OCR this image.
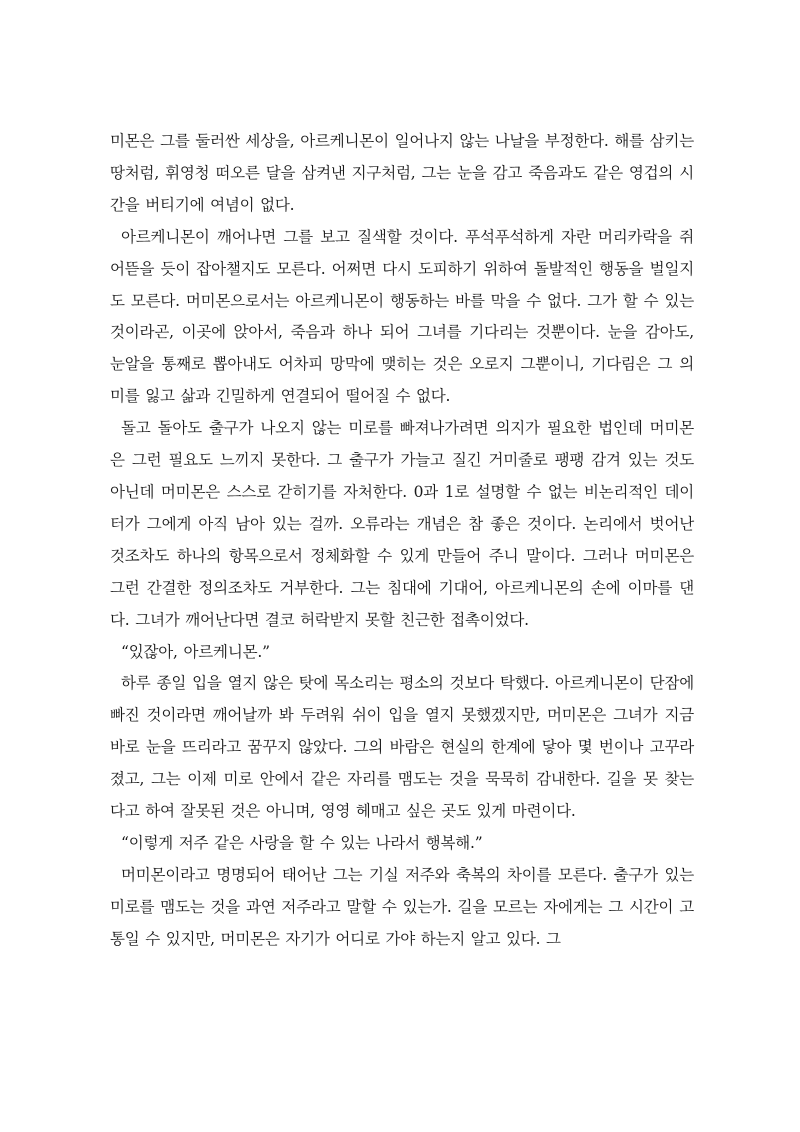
미몬은 그를 둘러싼 세상을, 아르케니몬이 일어나지 않는 나날을 부정한다. 해를 삼키는 땅처럼, 휘영청 떠오른 달을 삼켜낸 지구처럼, 그는 눈을 감고 죽음과도 같은 영겁의 시간을 버티기에 여념이 없다.

아르케니몬이 깨어나면 그를 보고 질색할 것이다. 푸석푸석하게 자란 머리카락을 쥐어뜯을 듯이 잡아챌지도 모른다. 어쩌면 다시 도피하기 위하여 돌발적인 행동을 벌일지도 모른다. 머미몬으로서는 아르케니몬이 행동하는 바를 막을 수 없다. 그가 할 수 있는 것이라곤, 이곳에 앉아서, 죽음과 하나 되어 그녀를 기다리는 것뿐이다. 눈을 감아도, 눈알을 통째로 뽑아내도 어차피 망막에 맺히는 것은 오로지 그뿐이니, 기다림은 그 의미를 잃고 삶과 긴밀하게 연결되어 떨어질 수 없다.

돌고 돌아도 출구가 나오지 않는 미로를 빠져나가려면 의지가 필요한 법인데 머미몬은 그런 필요도 느끼지 못한다. 그 출구가 가늘고 질긴 거미줄로 팽팽 감겨 있는 것도 아닌데 머미몬은 스스로 갇히기를 자처한다. 0과 1로 설명할 수 없는 비논리적인 데이터가 그에게 아직 남아 있는 걸까. 오류라는 개념은 참 좋은 것이다. 논리에서 벗어난 것조차도 하나의 항목으로서 정체화할 수 있게 만들어 주니 말이다. 그러나 머미몬은 그런 간결한 정의조차도 거부한다. 그는 침대에 기대어, 아르케니몬의 손에 이마를 댄다. 그녀가 깨어난다면 결코 허락받지 못할 친근한 접촉이었다.

“있잖아, 아르케니몬.”

하루 종일 입을 열지 않은 탓에 목소리는 평소의 것보다 탁했다. 아르케니몬이 단잠에 빠진 것이라면 깨어날까 봐 두려워 쉬이 입을 열지 못했겠지만, 머미몬은 그녀가 지금 바로 눈을 뜨리라고 꿈꾸지 않았다. 그의 바람은 현실의 한계에 닿아 몇 번이나 고꾸라졌고, 그는 이제 미로 안에서 같은 자리를 맴도는 것을 묵묵히 감내한다. 길을 못 찾는다고 하여 잘못된 것은 아니며, 영영 헤매고 싶은 곳도 있게 마련이다.

“이렇게 저주 같은 사랑을 할 수 있는 나라서 행복해.”

머미몬이라고 명명되어 태어난 그는 기실 저주와 축복의 차이를 모른다. 출구가 있는 미로를 맴도는 것을 과연 저주라고 말할 수 있는가. 길을 모르는 자에게는 그 시간이 고통일 수 있지만, 머미몬은 자기가 어디로 가야 하는지 알고 있다. 그
